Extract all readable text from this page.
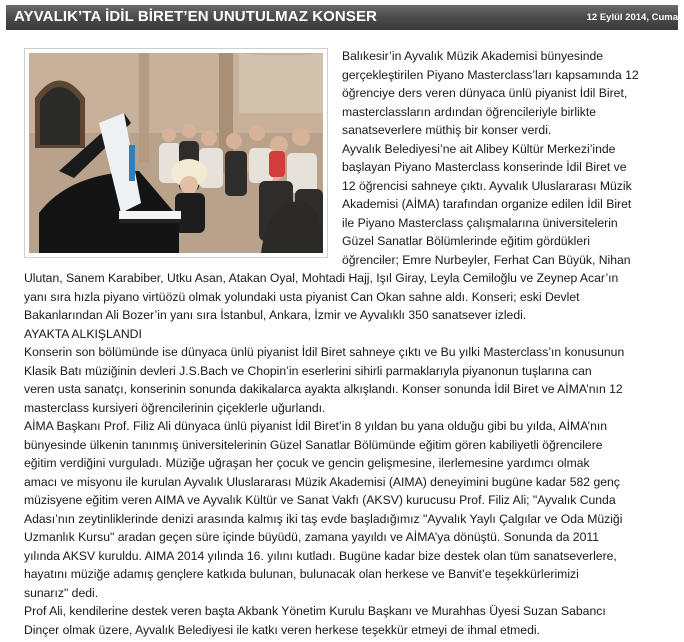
AYVALIK’TA İDİL BİRET’EN UNUTULMAZ KONSER	12 Eylül 2014, Cuma
Balıkesir’in Ayvalık Müzik Akademisi bünyesinde
gerçekleştirilen Piyano Masterclass’ları kapsamında 12
öğrenciye ders veren dünyaca ünlü piyanist İdil Biret,
masterclassların ardından öğrencileriyle birlikte
sanatseverlere müthiş bir konser verdi.
Ayvalık Belediyesi’ne ait Alibey Kültür Merkezi’inde
başlayan Piyano Masterclass konserinde İdil Biret ve
12 öğrencisi sahneye çıktı. Ayvalık Uluslararası Müzik
Akademisi (AİMA) tarafından organize edilen İdil Biret
ile Piyano Masterclass çalışmalarına üniversitelerin
Güzel Sanatlar Bölümlerinde eğitim gördükleri
öğrenciler; Emre Nurbeyler, Ferhat Can Büyük, Nihan
Ulutan, Sanem Karabiber, Utku Asan, Atakan Oyal, Mohtadi Hajj, Işıl Giray, Leyla Cemiloğlu ve Zeynep Acar’ın
yanı sıra hızla piyano virtüözü olmak yolundaki usta piyanist Can Okan sahne aldı. Konseri; eski Devlet
Bakanlarından Ali Bozer’in yanı sıra İstanbul, Ankara, İzmir ve Ayvalıklı 350 sanatsever izledi.
AYAKTA ALKIŞLANDI
Konserin son bölümünde ise dünyaca ünlü piyanist İdil Biret sahneye çıktı ve Bu yılki Masterclass’ın konusunun
Klasik Batı müziğinin devleri J.S.Bach ve Chopin’in eserlerini sihirli parmaklarıyla piyanonun tuşlarına can
veren usta sanatçı, konserinin sonunda dakikalarca ayakta alkışlandı. Konser sonunda İdil Biret ve AİMA’nın 12
masterclass kursiyeri öğrencilerinin çiçeklerle uğurlandı.
AİMA Başkanı Prof. Filiz Ali dünyaca ünlü piyanist İdil Biret’in 8 yıldan bu yana olduğu gibi bu yılda, AİMA’nın
bünyesinde ülkenin tanınmış üniversitelerinin Güzel Sanatlar Bölümünde eğitim gören kabiliyetli öğrencilere
eğitim verdiğini vurguladı. Müziğe uğraşan her çocuk ve gencin gelişmesine, ilerlemesine yardımcı olmak
amacı ve misyonu ile kurulan Ayvalık Uluslararası Müzik Akademisi (AIMA) deneyimini bugüne kadar 582 genç
müzisyene eğitim veren AIMA ve Ayvalık Kültür ve Sanat Vakfı (AKSV) kurucusu Prof. Filiz Ali; "Ayvalık Cunda
Adası’nın zeytinliklerinde denizi arasında kalmış iki taş evde başladığımız "Ayvalık Yaylı Çalgılar ve Oda Müziği
Uzmanlık Kursu" aradan geçen süre içinde büyüdü, zamana yayıldı ve AİMA’ya dönüştü. Sonunda da 2011
yılında AKSV kuruldu. AIMA 2014 yılında 16. yılını kutladı. Bugüne kadar bize destek olan tüm sanatseverlere,
hayatını müziğe adamış gençlere katkıda bulunan, bulunacak olan herkese ve Banvit’e teşekkürlerimizi
sunarız" dedi.
Prof Ali, kendilerine destek veren başta Akbank Yönetim Kurulu Başkanı ve Murahhas Üyesi Suzan Sabancı
Dinçer olmak üzere, Ayvalık Belediyesi ile katkı veren herkese teşekkür etmeyi de ihmal etmedi.
